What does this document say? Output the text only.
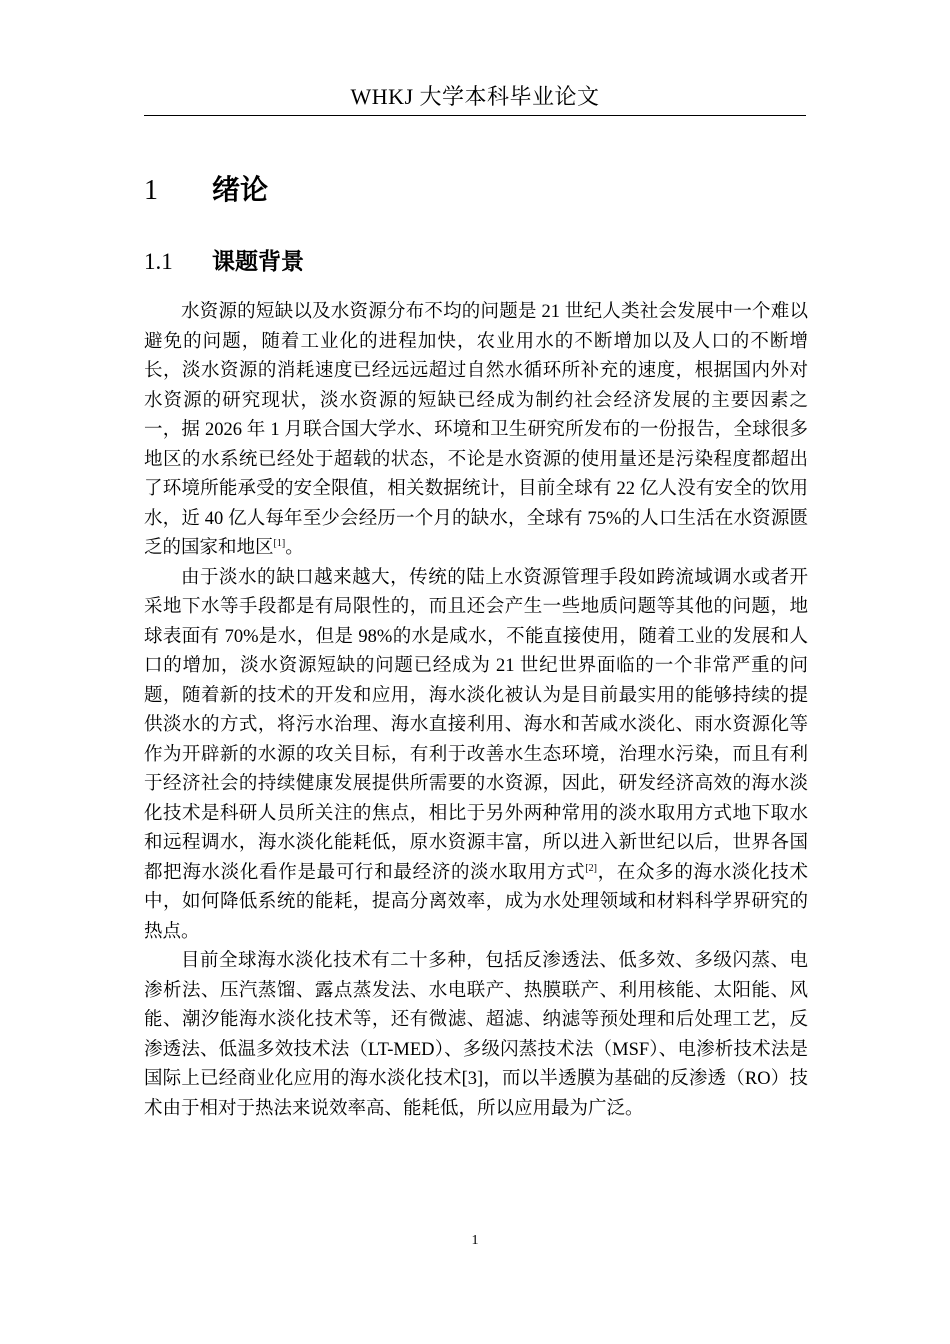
WHKJ 大学本科毕业论文
1 绪论
1.1 课题背景

水资源的短缺以及水资源分布不均的问题是 21 世纪人类社会发展中一个难以避免的问题，随着工业化的进程加快，农业用水的不断增加以及人口的不断增长，淡水资源的消耗速度已经远远超过自然水循环所补充的速度，根据国内外对水资源的研究现状，淡水资源的短缺已经成为制约社会经济发展的主要因素之一，据 2026 年 1 月联合国大学水、环境和卫生研究所发布的一份报告，全球很多地区的水系统已经处于超载的状态，不论是水资源的使用量还是污染程度都超出了环境所能承受的安全限值，相关数据统计，目前全球有 22 亿人没有安全的饮用水，近 40 亿人每年至少会经历一个月的缺水，全球有 75%的人口生活在水资源匮乏的国家和地区[1]。

由于淡水的缺口越来越大，传统的陆上水资源管理手段如跨流域调水或者开采地下水等手段都是有局限性的，而且还会产生一些地质问题等其他的问题，地球表面有 70%是水，但是 98%的水是咸水，不能直接使用，随着工业的发展和人口的增加，淡水资源短缺的问题已经成为 21 世纪世界面临的一个非常严重的问题，随着新的技术的开发和应用，海水淡化被认为是目前最实用的能够持续的提供淡水的方式，将污水治理、海水直接利用、海水和苦咸水淡化、雨水资源化等作为开辟新的水源的攻关目标，有利于改善水生态环境，治理水污染，而且有利于经济社会的持续健康发展提供所需要的水资源，因此，研发经济高效的海水淡化技术是科研人员所关注的焦点，相比于另外两种常用的淡水取用方式地下取水和远程调水，海水淡化能耗低，原水资源丰富，所以进入新世纪以后，世界各国都把海水淡化看作是最可行和最经济的淡水取用方式[2]，在众多的海水淡化技术中，如何降低系统的能耗，提高分离效率，成为水处理领域和材料科学界研究的热点。

目前全球海水淡化技术有二十多种，包括反渗透法、低多效、多级闪蒸、电渗析法、压汽蒸馏、露点蒸发法、水电联产、热膜联产、利用核能、太阳能、风能、潮汐能海水淡化技术等，还有微滤、超滤、纳滤等预处理和后处理工艺，反渗透法、低温多效技术法（LT-MED）、多级闪蒸技术法（MSF）、电渗析技术法是国际上已经商业化应用的海水淡化技术[3]，而以半透膜为基础的反渗透（RO）技术由于相对于热法来说效率高、能耗低，所以应用最为广泛。

1
